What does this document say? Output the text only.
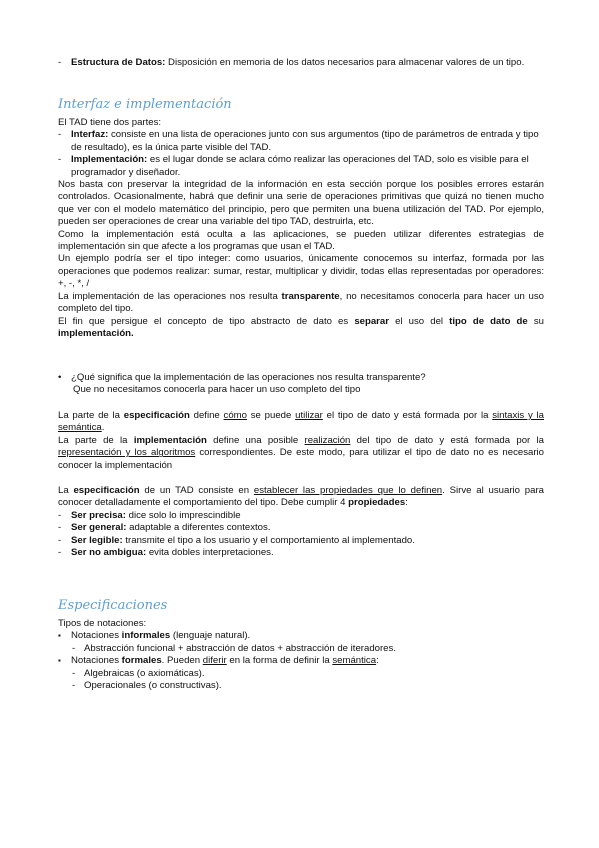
- Estructura de Datos: Disposición en memoria de los datos necesarios para almacenar valores de un tipo.
Interfaz e implementación
El TAD tiene dos partes:
- Interfaz: consiste en una lista de operaciones junto con sus argumentos (tipo de parámetros de entrada y tipo de resultado), es la única parte visible del TAD.
- Implementación: es el lugar donde se aclara cómo realizar las operaciones del TAD, solo es visible para el programador y diseñador.
Nos basta con preservar la integridad de la información en esta sección porque los posibles errores estarán controlados. Ocasionalmente, habrá que definir una serie de operaciones primitivas que quizá no tienen mucho que ver con el modelo matemático del principio, pero que permiten una buena utilización del TAD. Por ejemplo, pueden ser operaciones de crear una variable del tipo TAD, destruirla, etc.
Como la implementación está oculta a las aplicaciones, se pueden utilizar diferentes estrategias de implementación sin que afecte a los programas que usan el TAD.
Un ejemplo podría ser el tipo integer: como usuarios, únicamente conocemos su interfaz, formada por las operaciones que podemos realizar: sumar, restar, multiplicar y dividir, todas ellas representadas por operadores: +, -, *, /
La implementación de las operaciones nos resulta transparente, no necesitamos conocerla para hacer un uso completo del tipo.
El fin que persigue el concepto de tipo abstracto de dato es separar el uso del tipo de dato de su implementación.
• ¿Qué significa que la implementación de las operaciones nos resulta transparente?
Que no necesitamos conocerla para hacer un uso completo del tipo
La parte de la especificación define cómo se puede utilizar el tipo de dato y está formada por la sintaxis y la semántica.
La parte de la implementación define una posible realización del tipo de dato y está formada por la representación y los algoritmos correspondientes. De este modo, para utilizar el tipo de dato no es necesario conocer la implementación
La especificación de un TAD consiste en establecer las propiedades que lo definen. Sirve al usuario para conocer detalladamente el comportamiento del tipo. Debe cumplir 4 propiedades:
- Ser precisa: dice solo lo imprescindible
- Ser general: adaptable a diferentes contextos.
- Ser legible: transmite el tipo a los usuario y el comportamiento al implementado.
- Ser no ambigua: evita dobles interpretaciones.
Especificaciones
Tipos de notaciones:
▪ Notaciones informales (lenguaje natural).
- Abstracción funcional + abstracción de datos + abstracción de iteradores.
▪ Notaciones formales. Pueden diferir en la forma de definir la semántica:
- Algebraicas (o axiomáticas).
- Operacionales (o constructivas).
